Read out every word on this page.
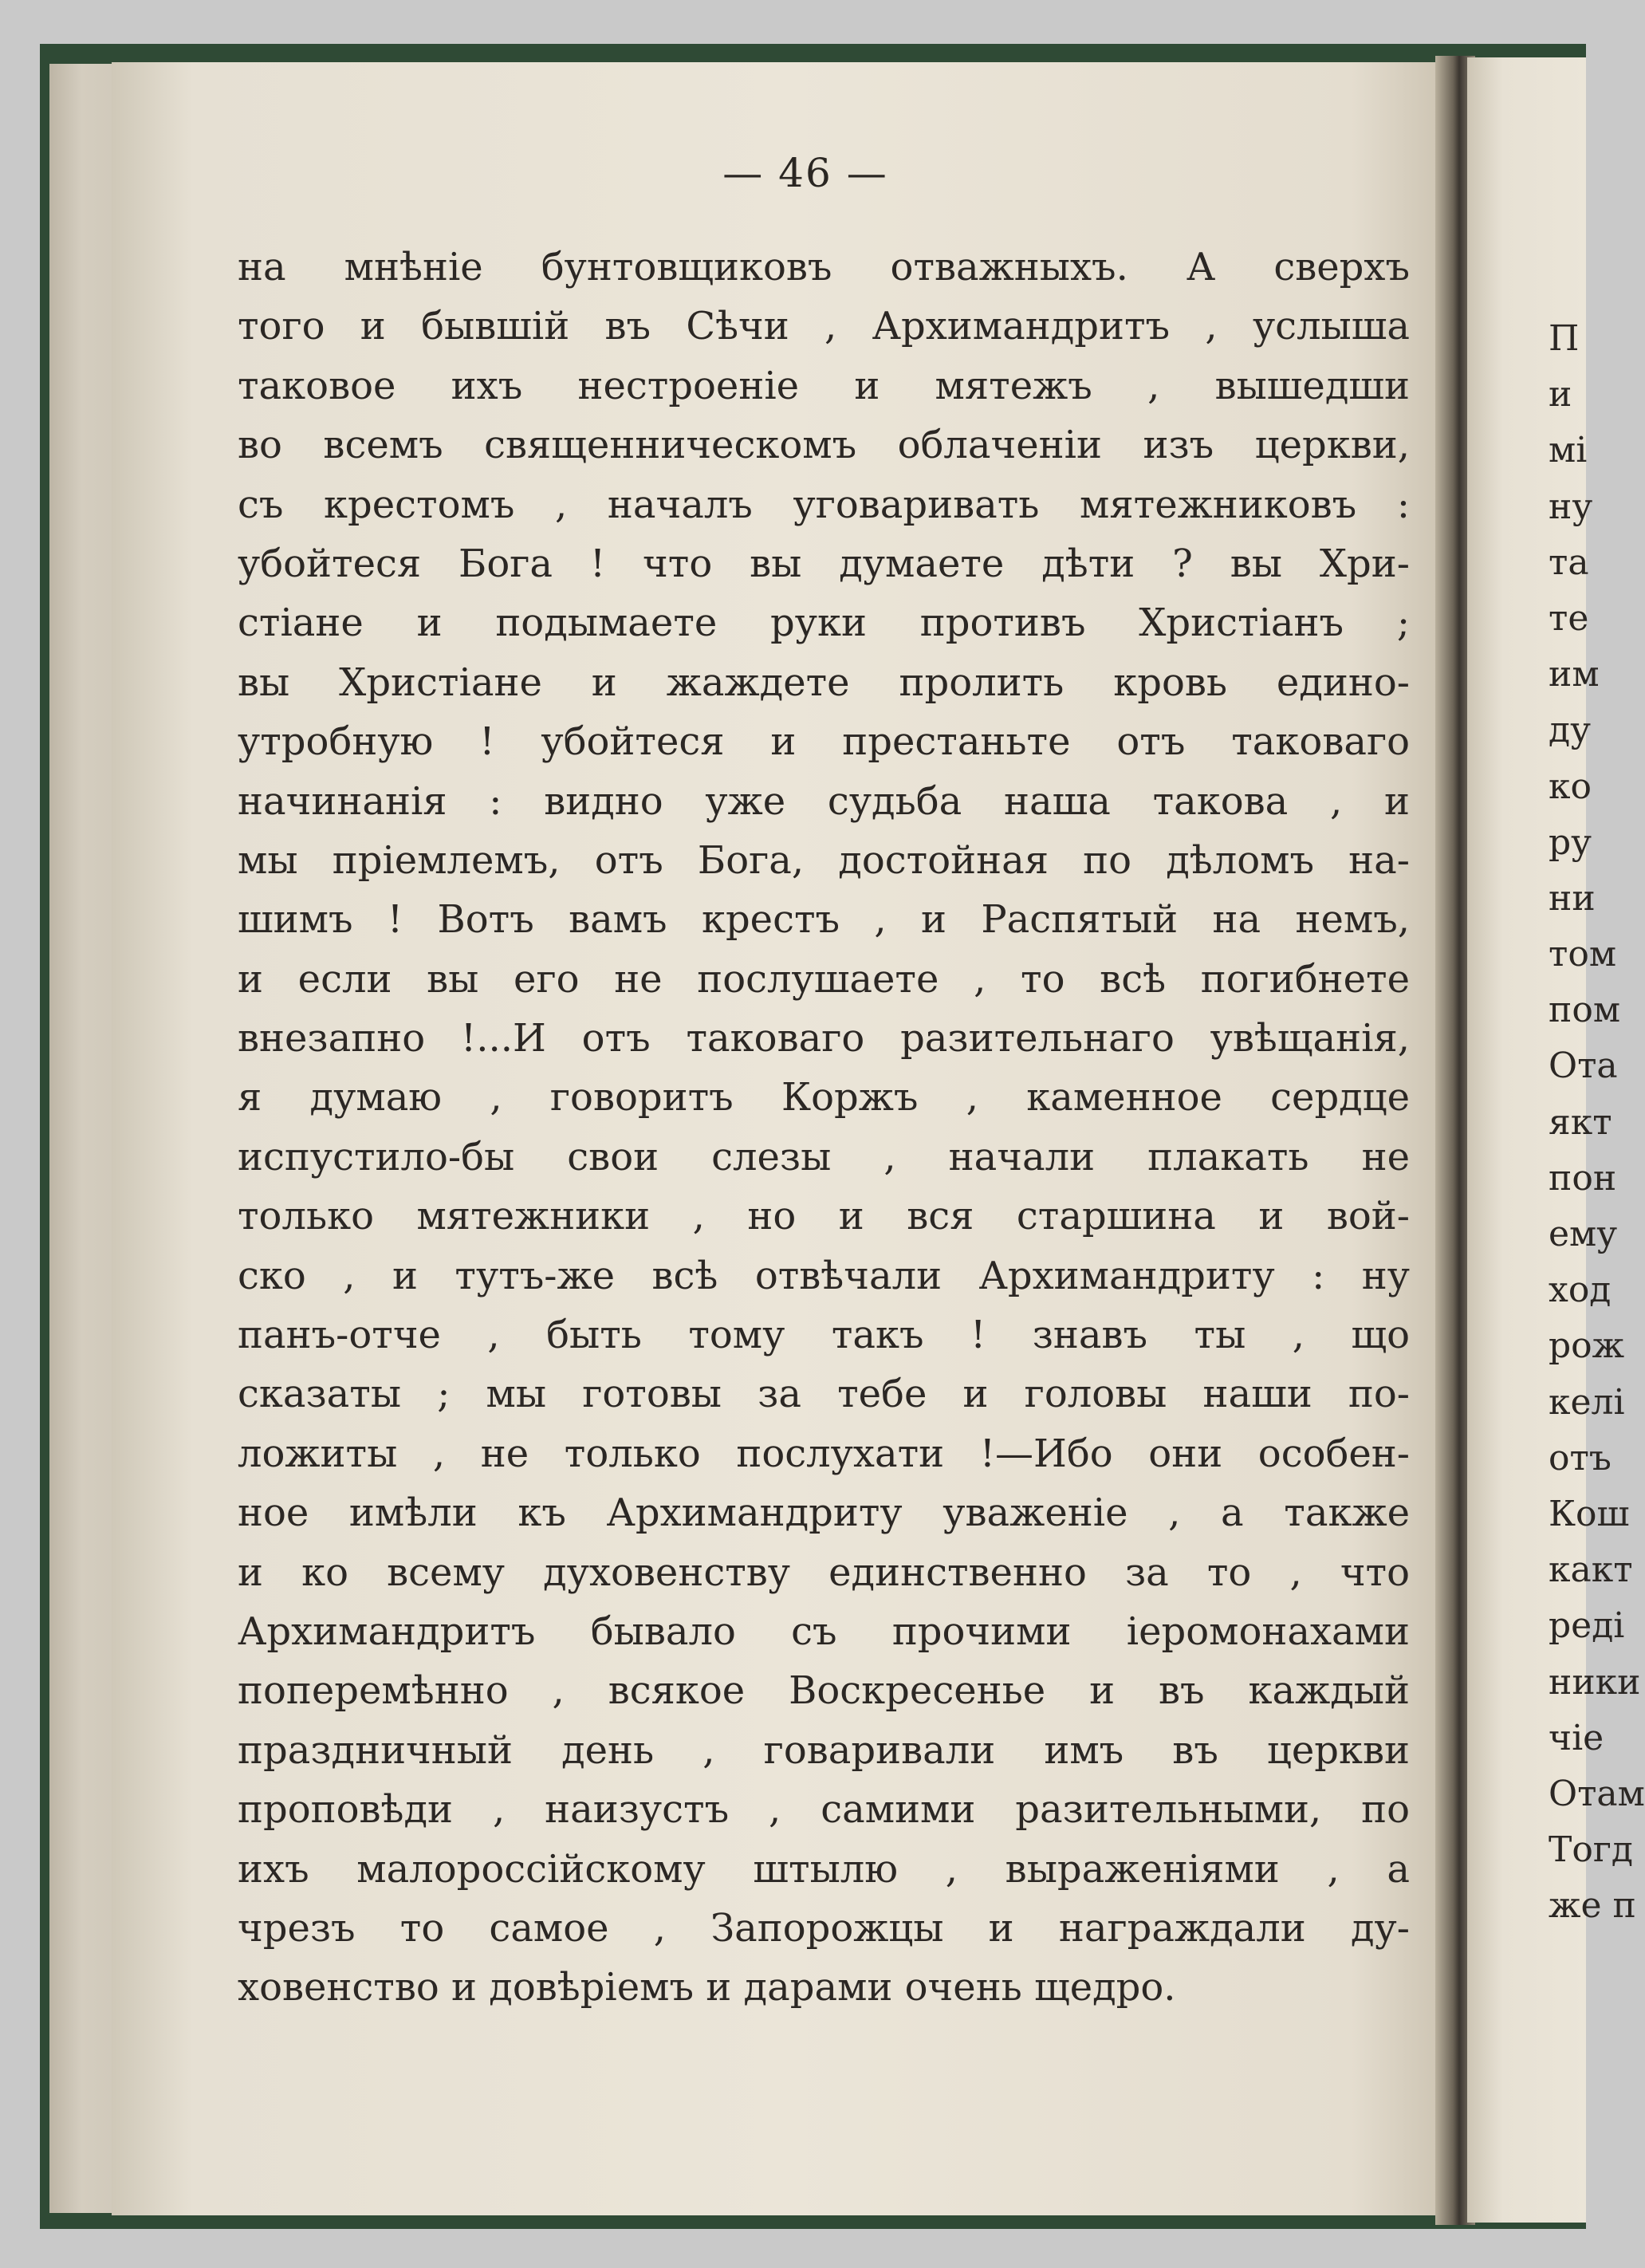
— 46 —
на мнѣніе бунтовщиковъ отважныхъ. А сверхъ
того и бывшій въ Сѣчи , Архимандритъ , услыша
таковое ихъ нестроеніе и мятежъ , вышедши
во всемъ священническомъ облаченіи изъ церкви,
съ крестомъ , началъ уговаривать мятежниковъ :
убойтеся Бога ! что вы думаете дѣти ? вы Хри-
стіане и подымаете руки противъ Христіанъ ;
вы Христіане и жаждете пролить кровь едино-
утробную ! убойтеся и престаньте отъ таковаго
начинанія : видно уже судьба наша такова , и
мы пріемлемъ, отъ Бога, достойная по дѣломъ на-
шимъ ! Вотъ вамъ крестъ , и Распятый на немъ,
и если вы его не послушаете , то всѣ погибнете
внезапно !...И отъ таковаго разительнаго увѣщанія,
я думаю , говоритъ Коржъ , каменное сердце
испустило-бы свои слезы , начали плакать не
только мятежники , но и вся старшина и вой-
ско , и тутъ-же всѣ отвѣчали Архимандриту : ну
панъ-отче , быть тому такъ ! знавъ ты , що
сказаты ; мы готовы за тебе и головы наши по-
ложиты , не только послухати !—Ибо они особен-
ное имѣли къ Архимандриту уваженіе , а также
и ко всему духовенству единственно за то , что
Архимандритъ бывало съ прочими іеромонахами
поперемѣнно , всякое Воскресенье и въ каждый
праздничный день , говаривали имъ въ церкви
проповѣди , наизустъ , самими разительными, по
ихъ малороссійскому штылю , выраженіями , а
чрезъ то самое , Запорожцы и награждали ду-
ховенство и довѣріемъ и дарами очень щедро.
П
и
мі
ну
та
те
им
ду
ко
ру
ни
том
пом
Ота
якт
пон
ему
ход
рож
келі
отъ
Кош
какт
реді
ники
чіе
Отам
Тогд
же п
